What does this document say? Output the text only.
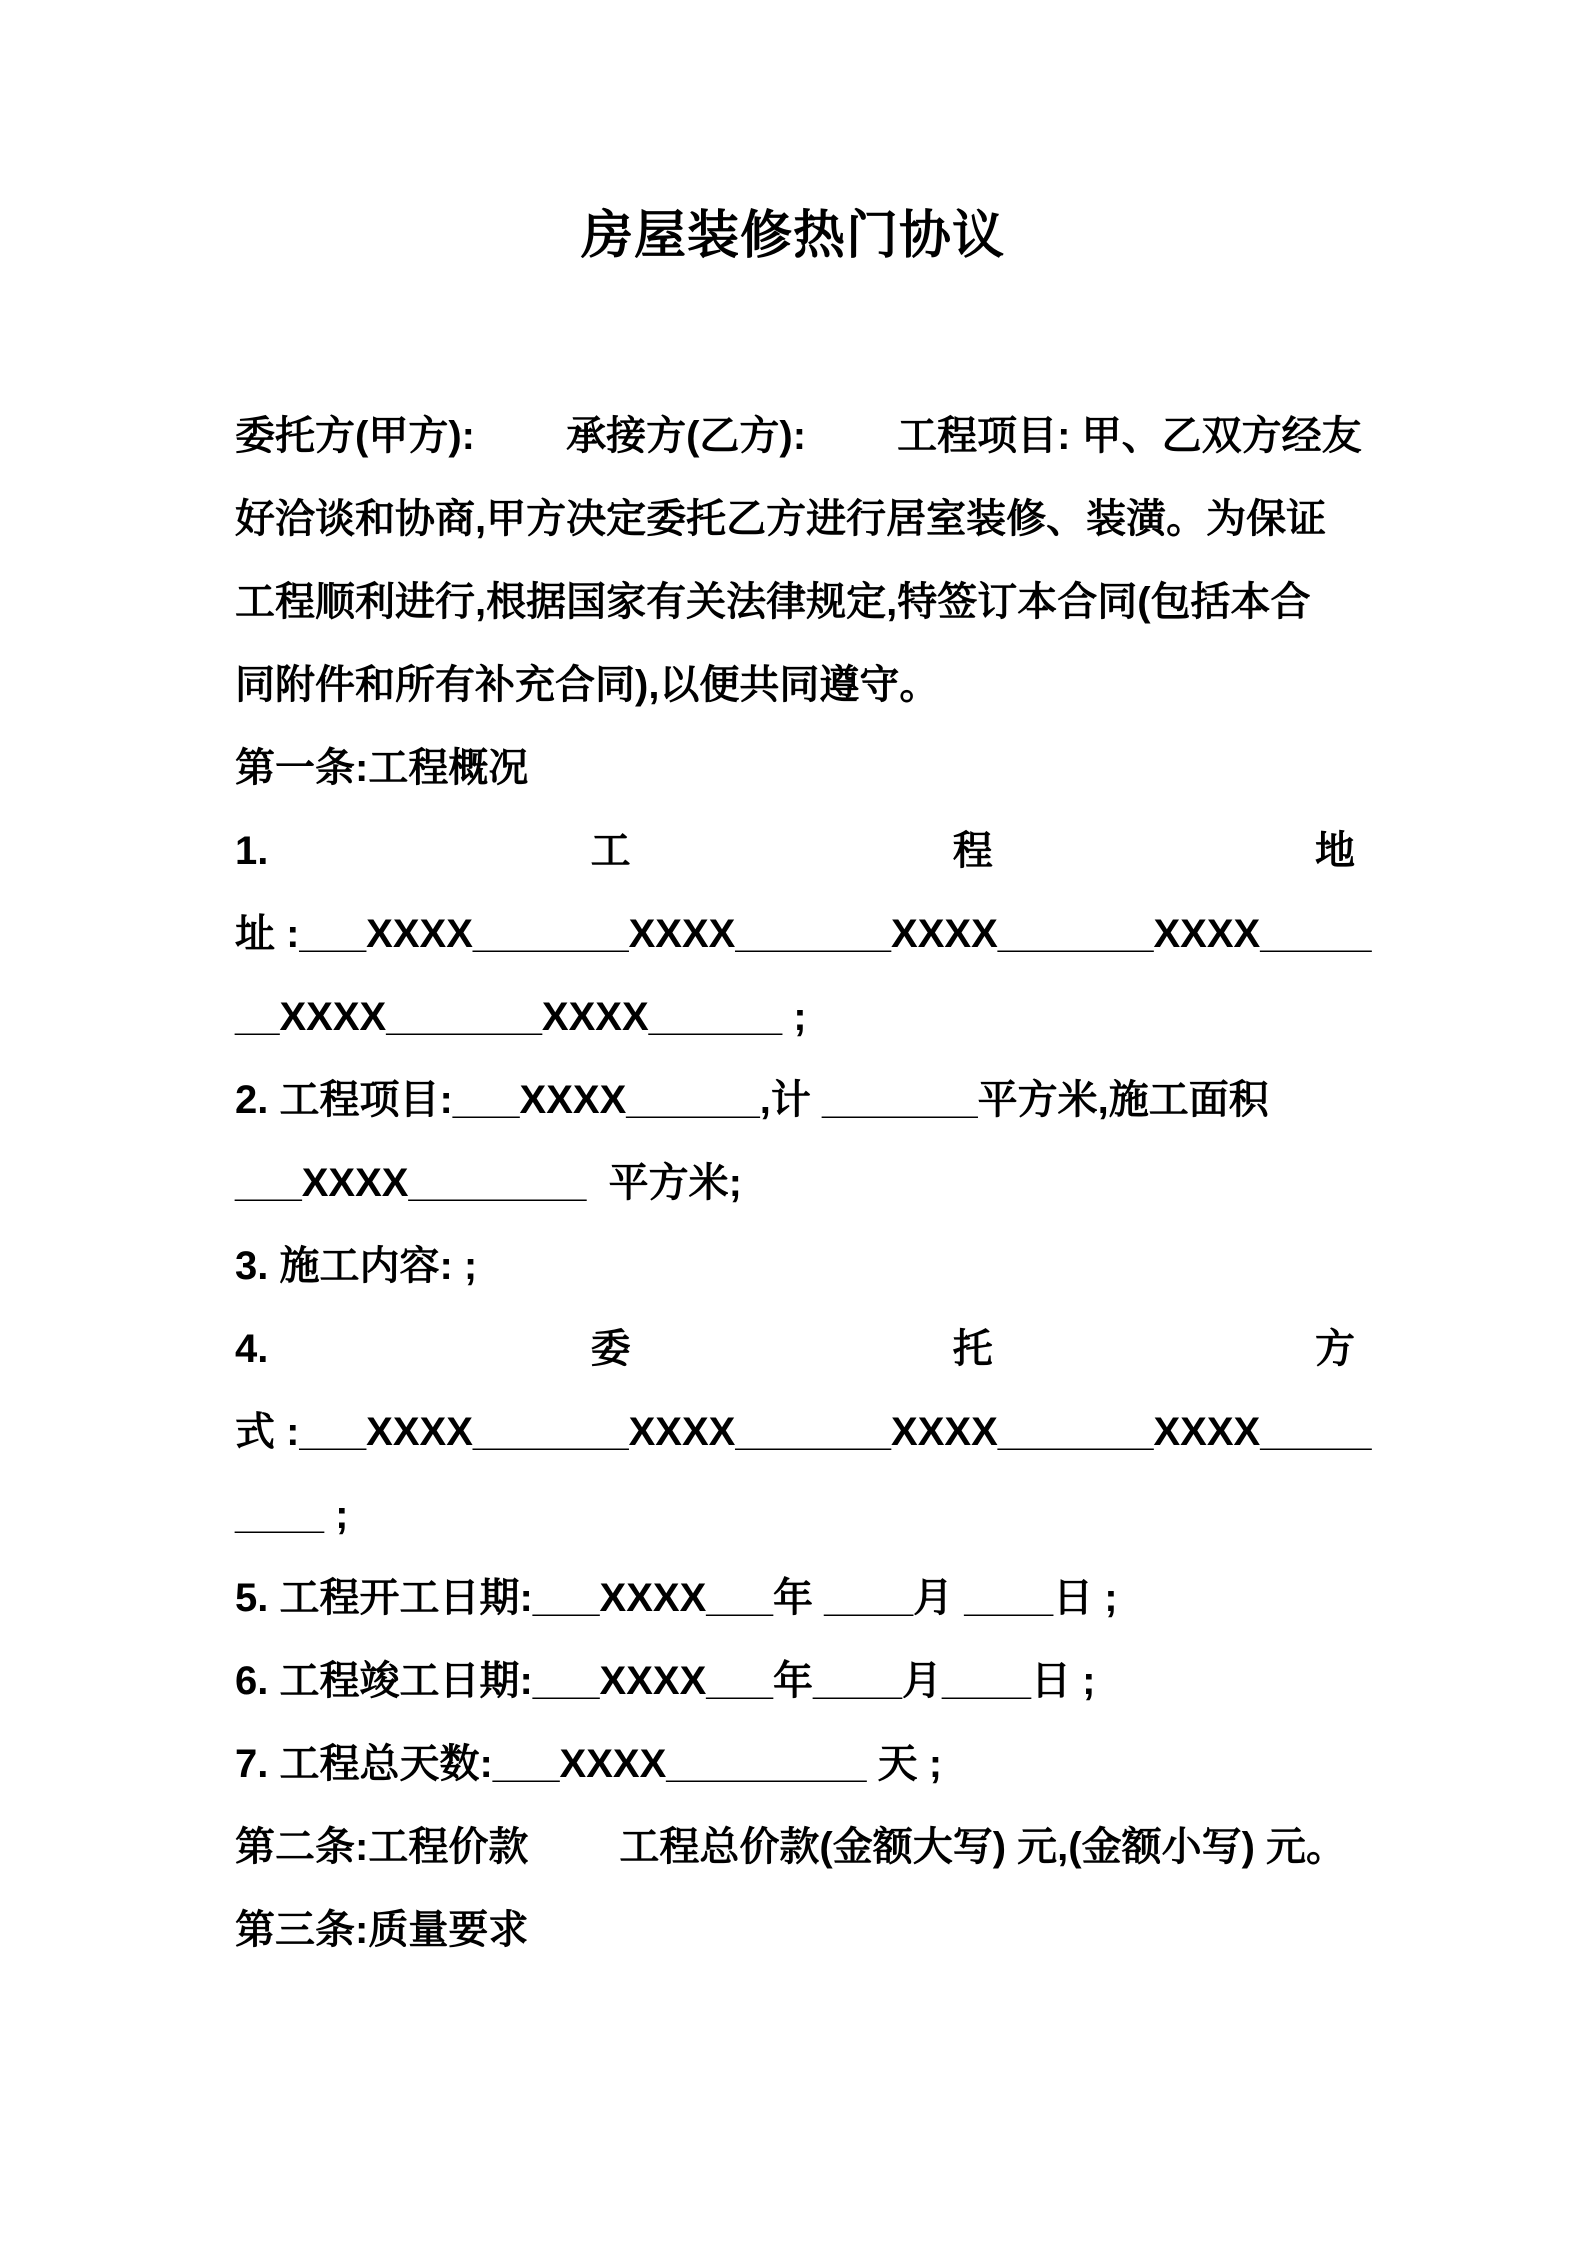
房屋装修热门协议
委托方(甲方):　　 承接方(乙方):　　 工程项目: 甲、乙双方经友
好洽谈和协商,甲方决定委托乙方进行居室装修、装潢。为保证
工程顺利进行,根据国家有关法律规定,特签订本合同(包括本合
同附件和所有补充合同),以便共同遵守。
第一条:工程概况
1.	工	程	地
址 :___XXXX_______XXXX_______XXXX_______XXXX_____
__XXXX_______XXXX______ ;
2. 工程项目:___XXXX______,计 _______平方米,施工面积
___XXXX________  平方米;
3. 施工内容: ;
4.	委	托	方
式 :___XXXX_______XXXX_______XXXX_______XXXX_____
____ ;
5. 工程开工日期:___XXXX___年 ____月 ____日 ;
6. 工程竣工日期:___XXXX___年____月____日 ;
7. 工程总天数:___XXXX_________ 天 ;
第二条:工程价款　　 工程总价款(金额大写) 元,(金额小写) 元。
第三条:质量要求
